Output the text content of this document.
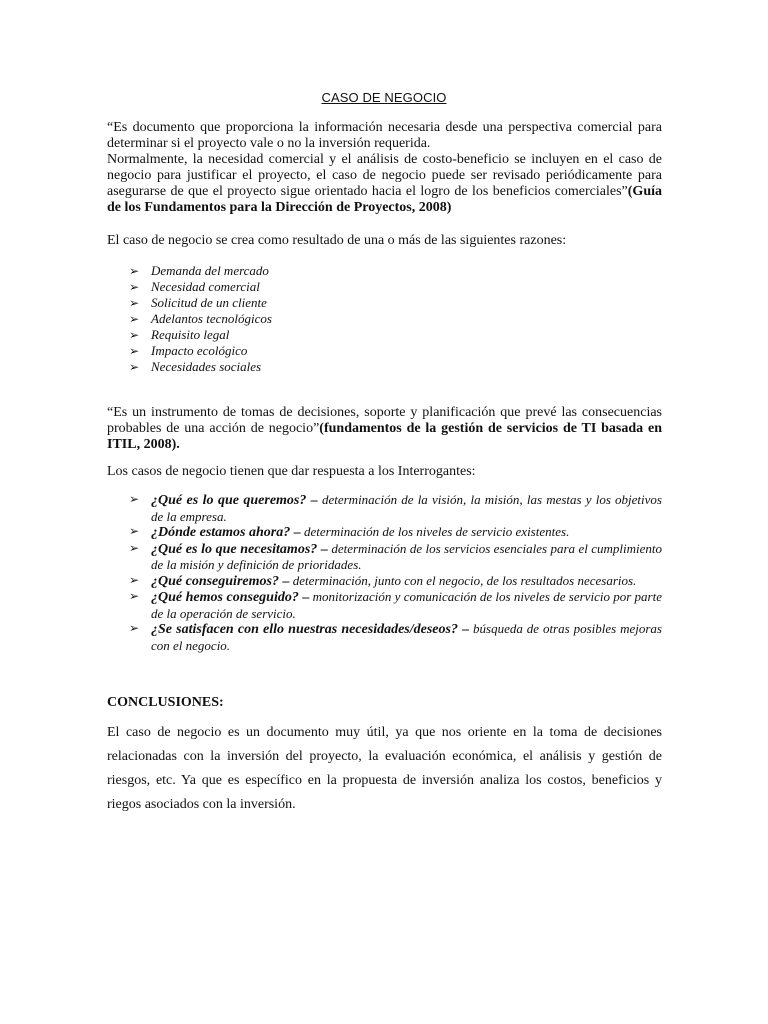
CASO DE NEGOCIO

“Es documento que proporciona la información necesaria desde una perspectiva comercial para determinar si el proyecto vale o no la inversión requerida.

Normalmente, la necesidad comercial y el análisis de costo-beneficio se incluyen en el caso de negocio para justificar el proyecto, el caso de negocio puede ser revisado periódicamente para asegurarse de que el proyecto sigue orientado hacia el logro de los beneficios comerciales”(Guía de los Fundamentos para la Dirección de Proyectos, 2008)

El caso de negocio se crea como resultado de una o más de las siguientes razones:
➢ Demanda del mercado
➢ Necesidad comercial
➢ Solicitud de un cliente
➢ Adelantos tecnológicos
➢ Requisito legal
➢ Impacto ecológico
➢ Necesidades sociales
“Es un instrumento de tomas de decisiones, soporte y planificación que prevé las consecuencias probables de una acción de negocio”(fundamentos de la gestión de servicios de TI basada en ITIL, 2008).
Los casos de negocio tienen que dar respuesta a los Interrogantes:
➢ ¿Qué es lo que queremos? – determinación de la visión, la misión, las mestas y los objetivos de la empresa.
➢ ¿Dónde estamos ahora? – determinación de los niveles de servicio existentes.
➢ ¿Qué es lo que necesitamos? – determinación de los servicios esenciales para el cumplimiento de la misión y definición de prioridades.
➢ ¿Qué conseguiremos? – determinación, junto con el negocio, de los resultados necesarios.
➢ ¿Qué hemos conseguido? – monitorización y comunicación de los niveles de servicio por parte de la operación de servicio.
➢ ¿Se satisfacen con ello nuestras necesidades/deseos? – búsqueda de otras posibles mejoras con el negocio.
CONCLUSIONES:
El caso de negocio es un documento muy útil, ya que nos oriente en la toma de decisiones relacionadas con la inversión del proyecto, la evaluación económica, el análisis y gestión de riesgos, etc. Ya que es específico en la propuesta de inversión analiza los costos, beneficios y riegos asociados con la inversión.
